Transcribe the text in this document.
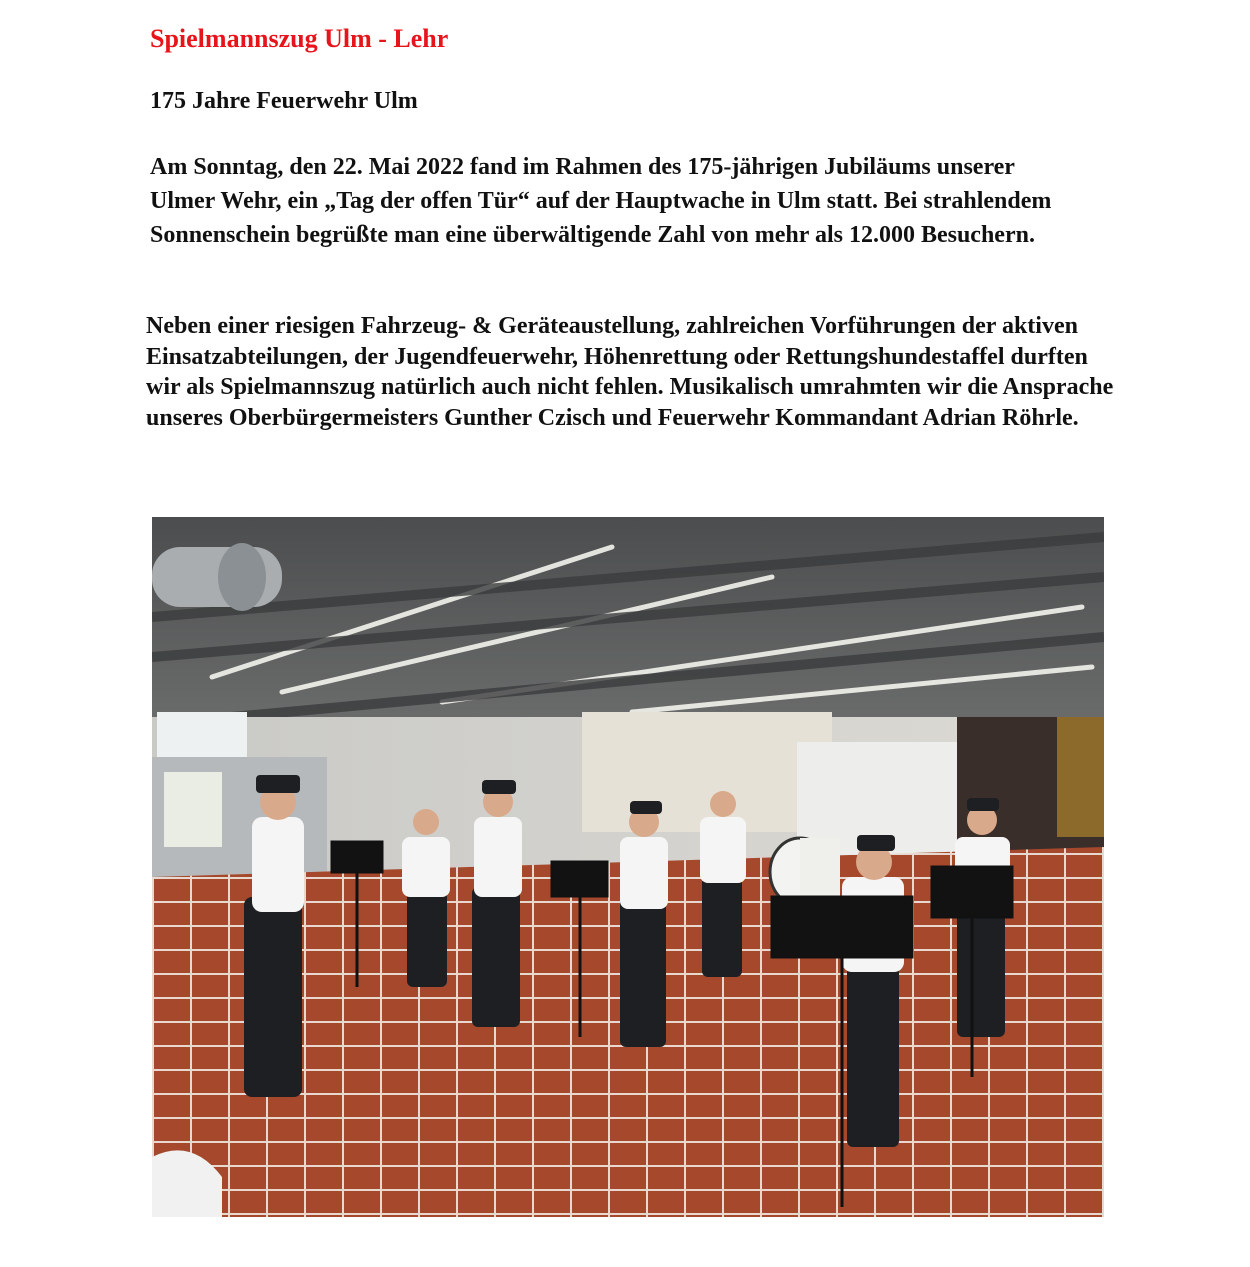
Spielmannszug Ulm - Lehr
175 Jahre Feuerwehr Ulm

Am Sonntag, den 22. Mai 2022 fand im Rahmen des 175-jährigen Jubiläums unserer Ulmer Wehr, ein „Tag der offen Tür“ auf der Hauptwache in Ulm statt. Bei strahlendem Sonnenschein begrüßte man eine überwältigende Zahl von mehr als 12.000 Besuchern.

Neben einer riesigen Fahrzeug- & Geräteaustellung, zahlreichen Vorführungen der aktiven Einsatzabteilungen, der Jugendfeuerwehr, Höhenrettung oder Rettungshundestaffel durften wir als Spielmannszug natürlich auch nicht fehlen. Musikalisch umrahmten wir die Ansprache unseres Oberbürgermeisters Gunther Czisch und Feuerwehr Kommandant Adrian Röhrle.
